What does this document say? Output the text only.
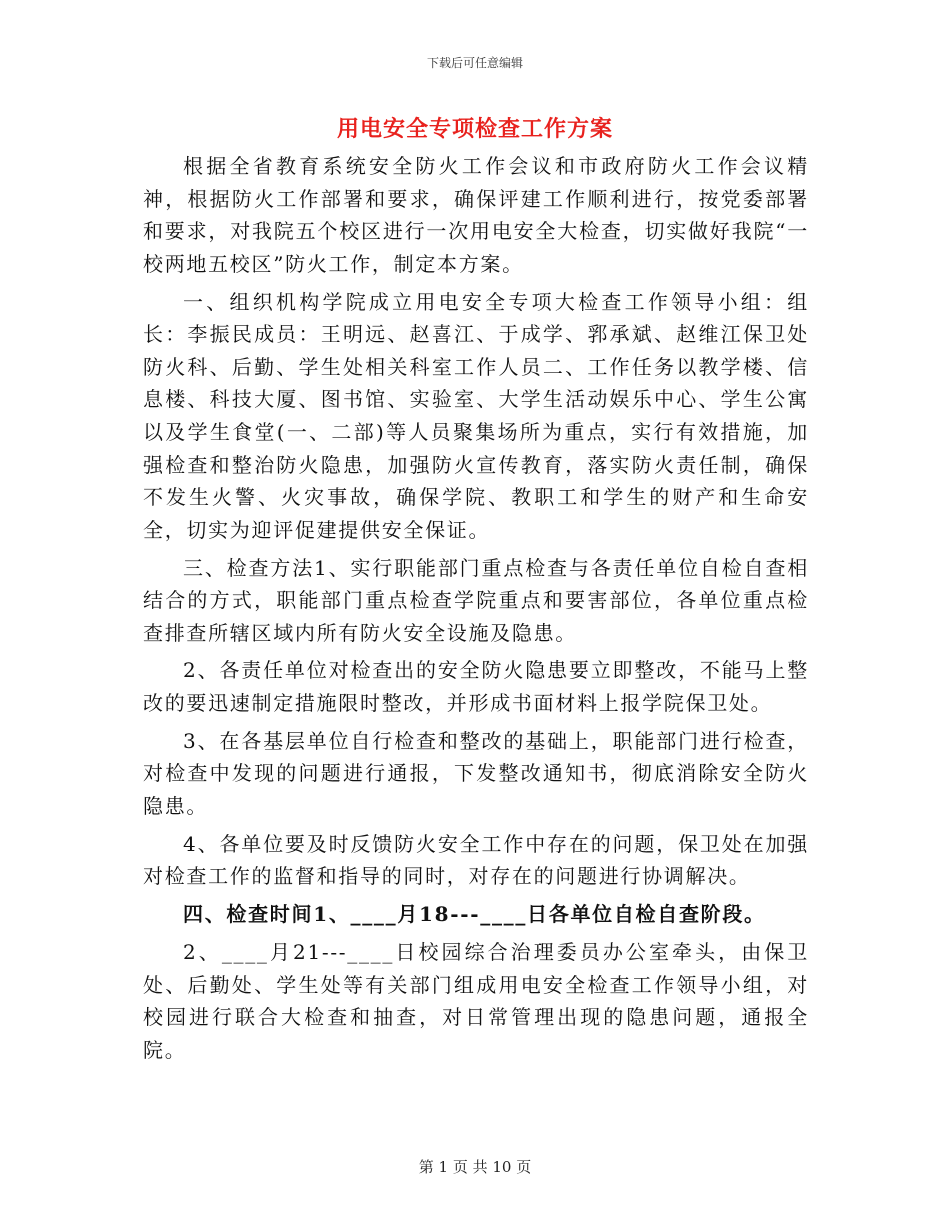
下载后可任意编辑
用电安全专项检查工作方案

根据全省教育系统安全防火工作会议和市政府防火工作会议精神，根据防火工作部署和要求，确保评建工作顺利进行，按党委部署和要求，对我院五个校区进行一次用电安全大检查，切实做好我院“一校两地五校区”防火工作，制定本方案。

一、组织机构学院成立用电安全专项大检查工作领导小组：组长：李振民成员：王明远、赵喜江、于成学、郛承斌、赵维江保卫处防火科、后勤、学生处相关科室工作人员二、工作任务以教学楼、信息楼、科技大厦、图书馆、实验室、大学生活动娱乐中心、学生公寓以及学生食堂(一、二部)等人员聚集场所为重点，实行有效措施，加强检查和整治防火隐患，加强防火宣传教育，落实防火责任制，确保不发生火警、火灾事故，确保学院、教职工和学生的财产和生命安全，切实为迎评促建提供安全保证。

三、检查方法1、实行职能部门重点检查与各责任单位自检自查相结合的方式，职能部门重点检查学院重点和要害部位，各单位重点检查排查所辖区域内所有防火安全设施及隐患。

2、各责任单位对检查出的安全防火隐患要立即整改，不能马上整改的要迅速制定措施限时整改，并形成书面材料上报学院保卫处。

3、在各基层单位自行检查和整改的基础上，职能部门进行检查，对检查中发现的问题进行通报，下发整改通知书，彻底消除安全防火隐患。

4、各单位要及时反馈防火安全工作中存在的问题，保卫处在加强对检查工作的监督和指导的同时，对存在的问题进行协调解决。

四、检查时间1、____月18---____日各单位自检自查阶段。

2、____月21---____日校园综合治理委员办公室牵头，由保卫处、后勤处、学生处等有关部门组成用电安全检查工作领导小组，对校园进行联合大检查和抽查，对日常管理出现的隐患问题，通报全院。

第 1 页 共 10 页
